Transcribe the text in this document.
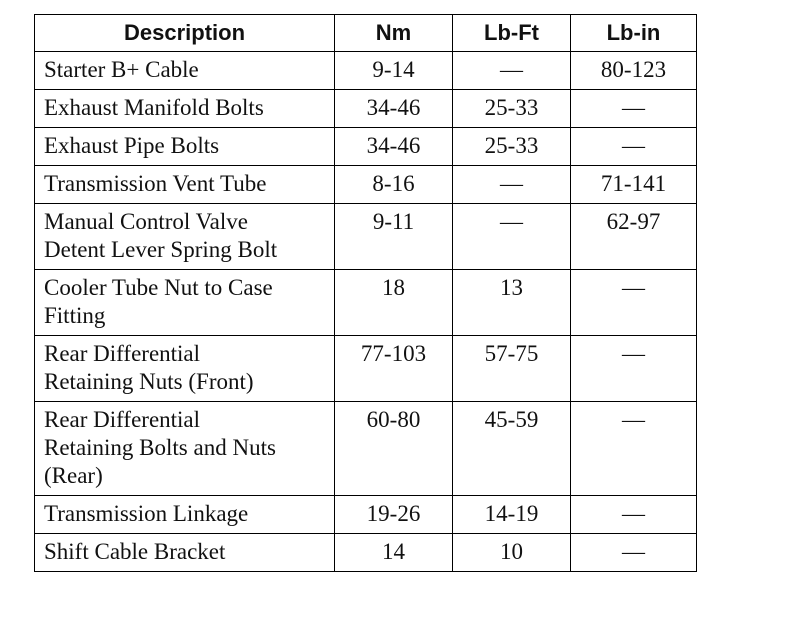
Description	Nm	Lb-Ft	Lb-in

Starter B+ Cable	9-14	—	80-123

Exhaust Manifold Bolts	34-46	25-33	—

Exhaust Pipe Bolts	34-46	25-33	—

Transmission Vent Tube	8-16	—	71-141

Manual Control Valve
Detent Lever Spring Bolt	9-11	—	62-97

Cooler Tube Nut to Case
Fitting	18	13	—

Rear Differential
Retaining Nuts (Front)	77-103	57-75	—

Rear Differential
Retaining Bolts and Nuts
(Rear)	60-80	45-59	—

Transmission Linkage	19-26	14-19	—

Shift Cable Bracket	14	10	—
